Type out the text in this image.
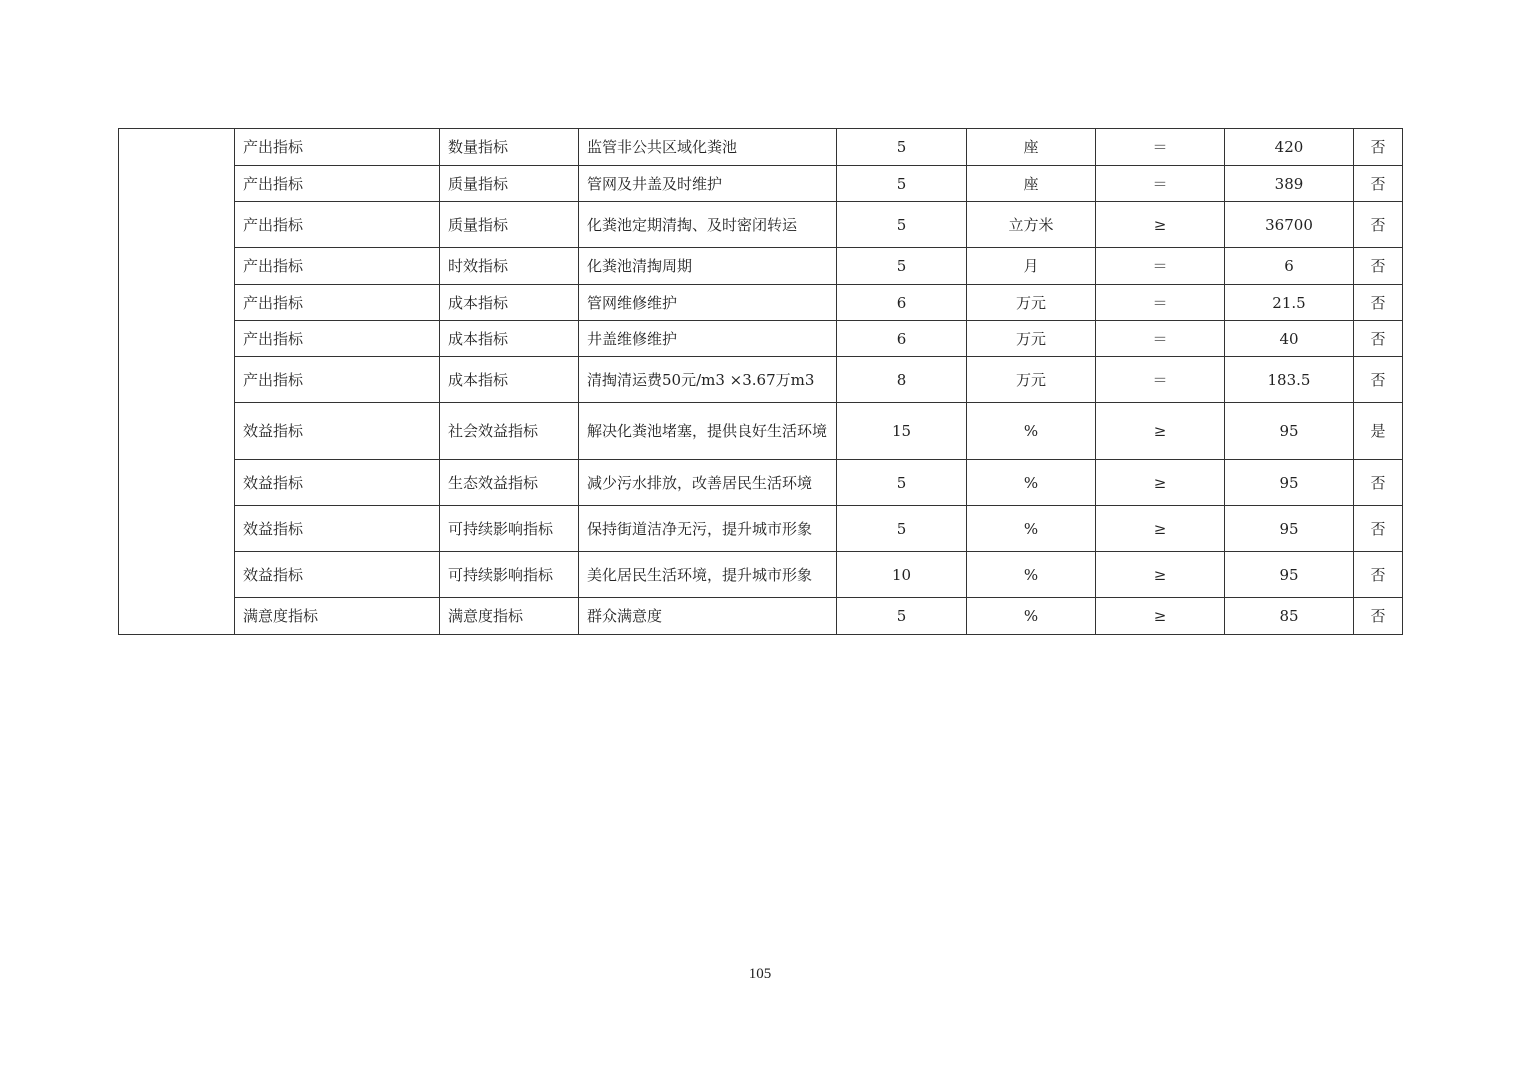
	产出指标	数量指标	监管非公共区域化粪池	5	座	＝	420	否
	产出指标	质量指标	管网及井盖及时维护	5	座	＝	389	否
	产出指标	质量指标	化粪池定期清掏、及时密闭转运	5	立方米	≥	36700	否
	产出指标	时效指标	化粪池清掏周期	5	月	＝	6	否
	产出指标	成本指标	管网维修维护	6	万元	＝	21.5	否
	产出指标	成本指标	井盖维修维护	6	万元	＝	40	否
	产出指标	成本指标	清掏清运费50元/m3 ×3.67万m3	8	万元	＝	183.5	否
	效益指标	社会效益指标	解决化粪池堵塞，提供良好生活环境	15	%	≥	95	是
	效益指标	生态效益指标	减少污水排放，改善居民生活环境	5	%	≥	95	否
	效益指标	可持续影响指标	保持街道洁净无污，提升城市形象	5	%	≥	95	否
	效益指标	可持续影响指标	美化居民生活环境，提升城市形象	10	%	≥	95	否
	满意度指标	满意度指标	群众满意度	5	%	≥	85	否
105
